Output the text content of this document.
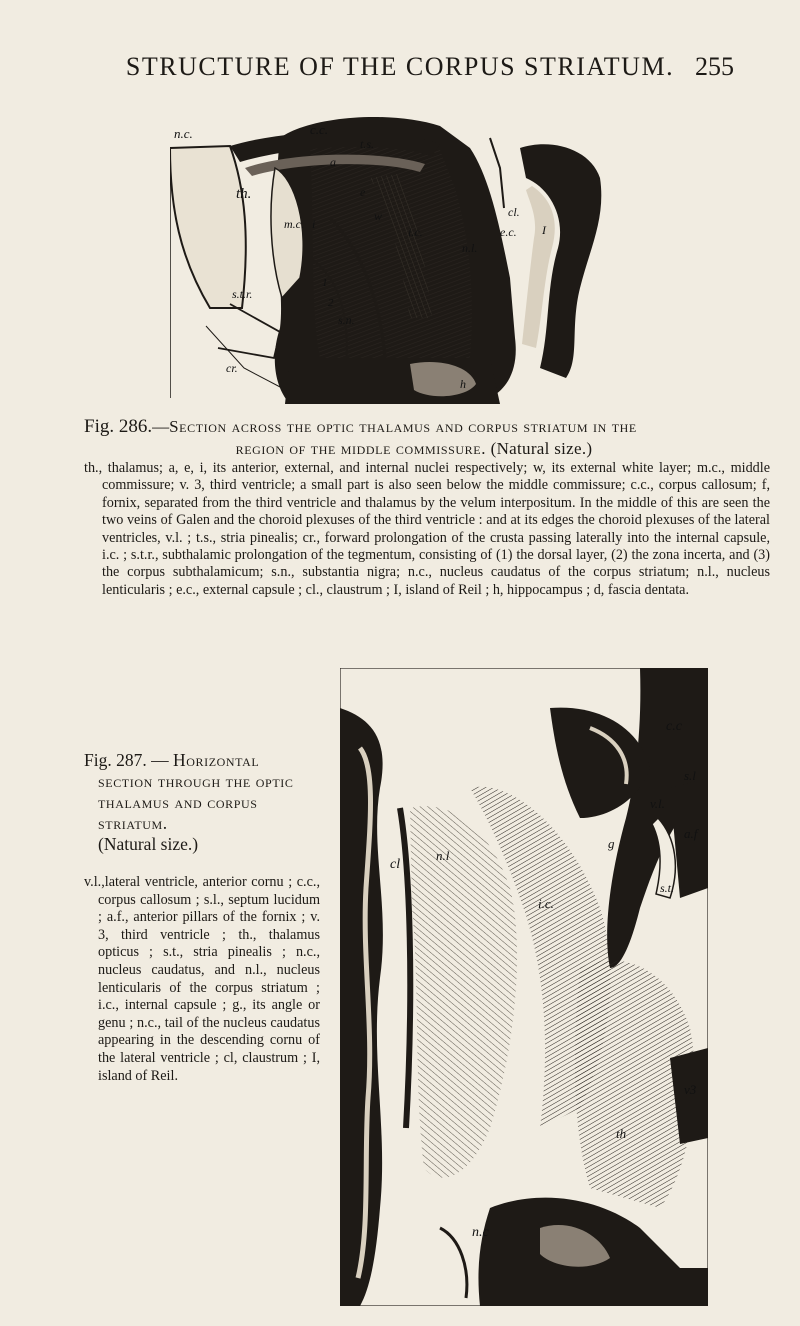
STRUCTURE OF THE CORPUS STRIATUM. 255
n.c.	c.c.
t.s.
th.
a
e
w
m.c. i
i.c.
cl.
e.c.
n.l.
I
s.t.r.
1
2
s.n.
cr.
h
Fig. 286.—Section across the optic thalamus and corpus striatum in the
region of the middle commissure. (Natural size.)
th., thalamus; a, e, i, its anterior, external, and internal nuclei respectively; w, its external white layer; m.c., middle commissure; v. 3, third ventricle; a small part is also seen below the middle commissure; c.c., corpus callosum; f, fornix, separated from the third ventricle and thalamus by the velum interpositum. In the middle of this are seen the two veins of Galen and the choroid plexuses of the third ventricle : and at its edges the choroid plexuses of the lateral ventricles, v.l. ; t.s., stria pinealis; cr., forward prolongation of the crusta passing laterally into the internal capsule, i.c. ; s.t.r., subthalamic prolongation of the tegmentum, consisting of (1) the dorsal layer, (2) the zona incerta, and (3) the corpus subthalamicum; s.n., substantia nigra; n.c., nucleus caudatus of the corpus striatum; n.l., nucleus lenticularis ; e.c., external capsule ; cl., claustrum ; I, island of Reil ; h, hippocampus ; d, fascia dentata.
c.c
s.l
v.l.
a.f
g
cl
n.l
i.c.
s.t.
v3
n.c
th
Fig. 287. — Horizontal
section through the optic thalamus and corpus striatum.
(Natural size.)
v.l.,lateral ventricle, anterior cornu ; c.c., corpus callosum ; s.l., septum lucidum ; a.f., anterior pillars of the fornix ; v. 3, third ventricle ; th., thalamus opticus ; s.t., stria pinealis ; n.c., nucleus caudatus, and n.l., nucleus lenticularis of the corpus striatum ; i.c., internal capsule ; g., its angle or genu ; n.c., tail of the nucleus caudatus appearing in the descending cornu of the lateral ventricle ; cl, claustrum ; I, island of Reil.
